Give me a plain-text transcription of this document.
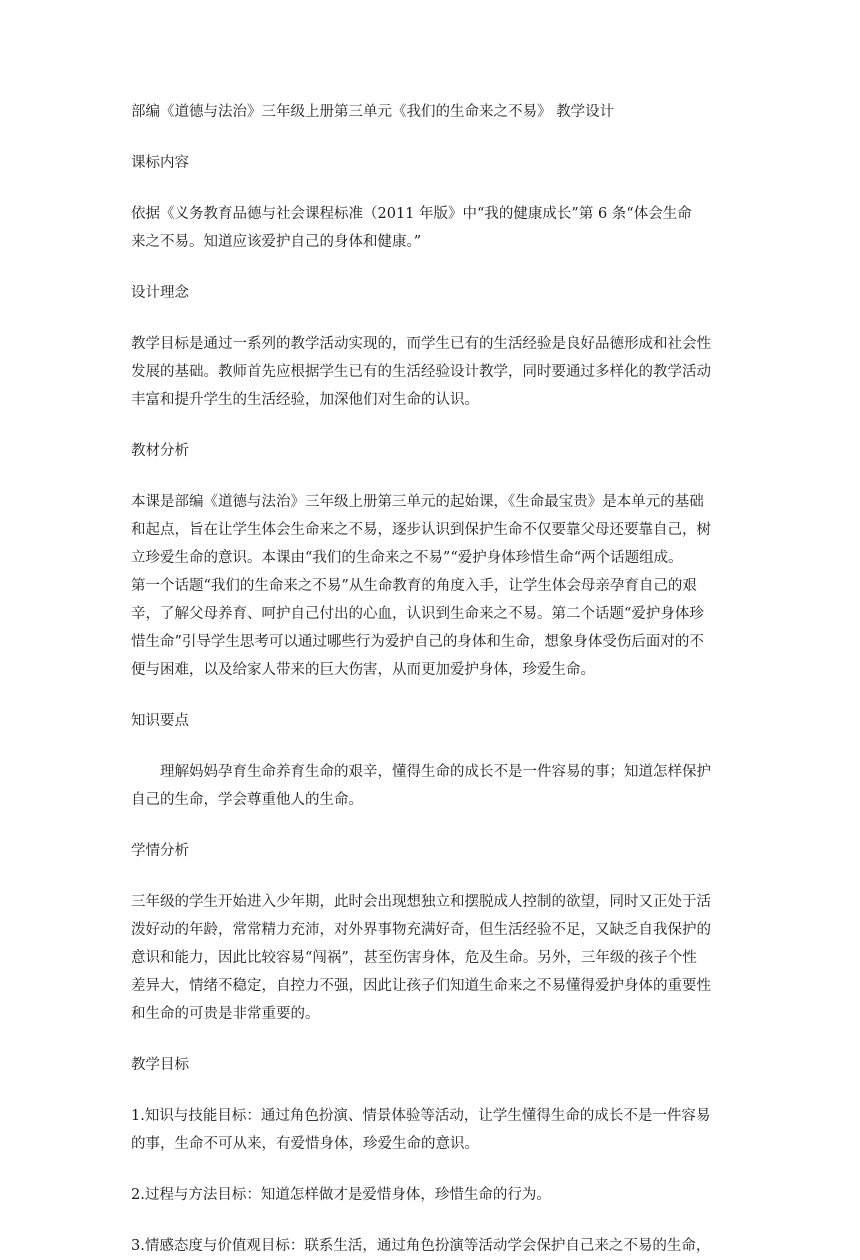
部编《道德与法治》三年级上册第三单元《我们的生命来之不易》 教学设计

课标内容

依据《义务教育品德与社会课程标准（2011 年版》中“我的健康成长”第 6 条“体会生命

来之不易。知道应该爱护自己的身体和健康。”

设计理念

教学目标是通过一系列的教学活动实现的，而学生已有的生活经验是良好品德形成和社会性

发展的基础。教师首先应根据学生已有的生活经验设计教学，同时要通过多样化的教学活动

丰富和提升学生的生活经验，加深他们对生命的认识。

教材分析

本课是部编《道德与法治》三年级上册第三单元的起始课，《生命最宝贵》是本单元的基础

和起点，旨在让学生体会生命来之不易，逐步认识到保护生命不仅要靠父母还要靠自己，树

立珍爱生命的意识。本课由“我们的生命来之不易”“爱护身体珍惜生命“两个话题组成。

第一个话题“我们的生命来之不易”从生命教育的角度入手，让学生体会母亲孕育自己的艰

辛，了解父母养育、呵护自己付出的心血，认识到生命来之不易。第二个话题“爱护身体珍

惜生命”引导学生思考可以通过哪些行为爱护自己的身体和生命，想象身体受伤后面对的不

便与困难，以及给家人带来的巨大伤害，从而更加爱护身体，珍爱生命。

知识要点

理解妈妈孕育生命养育生命的艰辛，懂得生命的成长不是一件容易的事；知道怎样保护

自己的生命，学会尊重他人的生命。

学情分析

三年级的学生开始进入少年期，此时会出现想独立和摆脱成人控制的欲望，同时又正处于活

泼好动的年龄，常常精力充沛，对外界事物充满好奇，但生活经验不足，又缺乏自我保护的

意识和能力，因此比较容易“闯祸”，甚至伤害身体，危及生命。另外，三年级的孩子个性

差异大，情绪不稳定，自控力不强，因此让孩子们知道生命来之不易懂得爱护身体的重要性

和生命的可贵是非常重要的。

教学目标

1.知识与技能目标：通过角色扮演、情景体验等活动，让学生懂得生命的成长不是一件容易

的事，生命不可从来，有爱惜身体，珍爱生命的意识。

2.过程与方法目标：知道怎样做才是爱惜身体，珍惜生命的行为。

3.情感态度与价值观目标：联系生活，通过角色扮演等活动学会保护自己来之不易的生命，
